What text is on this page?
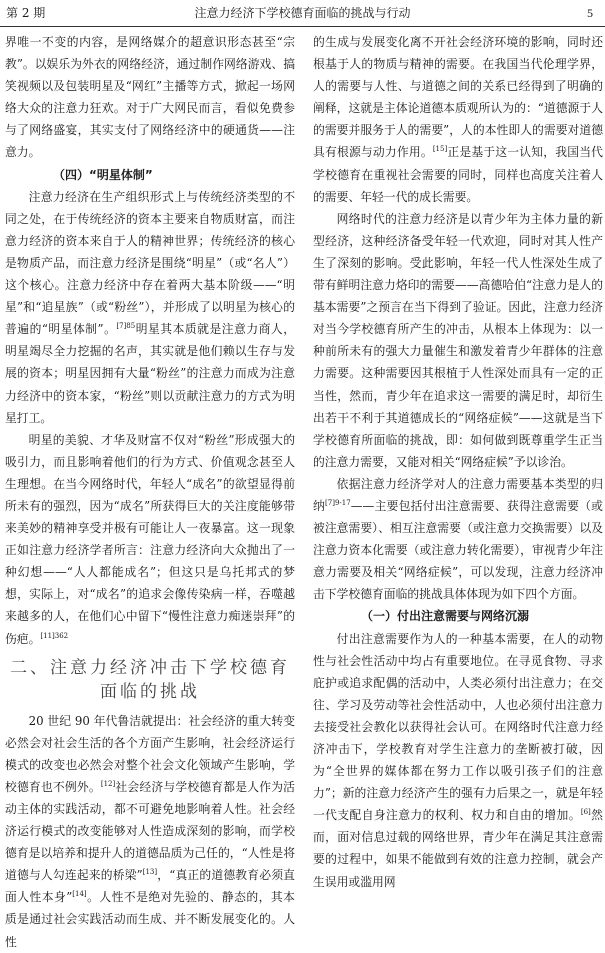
第 2 期	注意力经济下学校德育面临的挑战与行动	5

界唯一不变的内容，是网络媒介的超意识形态甚至“宗教”。以娱乐为外衣的网络经济，通过制作网络游戏、搞笑视频以及包装明星及“网红”主播等方式，掀起一场网络大众的注意力狂欢。对于广大网民而言，看似免费参与了网络盛宴，其实支付了网络经济中的硬通货——注意力。

（四）“明星体制”

注意力经济在生产组织形式上与传统经济类型的不同之处，在于传统经济的资本主要来自物质财富，而注意力经济的资本来自于人的精神世界；传统经济的核心是物质产品，而注意力经济是围绕“明星”（或“名人”）这个核心。注意力经济中存在着两大基本阶级——“明星”和“追星族”（或“粉丝”），并形成了以明星为核心的普遍的“明星体制”。$^{[7]85}$明星其本质就是注意力商人，明星竭尽全力挖掘的名声，其实就是他们赖以生存与发展的资本；明星因拥有大量“粉丝”的注意力而成为注意力经济中的资本家，“粉丝”则以贡献注意力的方式为明星打工。

明星的美貌、才华及财富不仅对“粉丝”形成强大的吸引力，而且影响着他们的行为方式、价值观念甚至人生理想。在当今网络时代，年轻人“成名”的欲望显得前所未有的强烈，因为“成名”所获得巨大的关注度能够带来美妙的精神享受并极有可能让人一夜暴富。这一现象正如注意力经济学者所言：注意力经济向大众抛出了一种幻想——“人人都能成名”；但这只是乌托邦式的梦想，实际上，对“成名”的追求会像传染病一样，吞噬越来越多的人，在他们心中留下“慢性注意力痴迷崇拜”的伤疤。$^{[11]362}$

二、注意力经济冲击下学校德育
面临的挑战

20 世纪 90 年代鲁洁就提出：社会经济的重大转变必然会对社会生活的各个方面产生影响，社会经济运行模式的改变也必然会对整个社会文化领域产生影响，学校德育也不例外。[12]社会经济与学校德育都是人作为活动主体的实践活动，都不可避免地影响着人性。社会经济运行模式的改变能够对人性造成深刻的影响，而学校德育是以培养和提升人的道德品质为己任的，“人性是将道德与人勾连起来的桥梁”[13]，“真正的道德教育必须直面人性本身”[14]。人性不是绝对先验的、静态的，其本质是通过社会实践活动而生成、并不断发展变化的。人性

的生成与发展变化离不开社会经济环境的影响，同时还根基于人的物质与精神的需要。在我国当代伦理学界，人的需要与人性、与道德之间的关系已经得到了明确的阐释，这就是主体论道德本质观所认为的：“道德源于人的需要并服务于人的需要”，人的本性即人的需要对道德具有根源与动力作用。[15]正是基于这一认知，我国当代学校德育在重视社会需要的同时，同样也高度关注着人的需要、年轻一代的成长需要。

网络时代的注意力经济是以青少年为主体力量的新型经济，这种经济备受年轻一代欢迎，同时对其人性产生了深刻的影响。受此影响，年轻一代人性深处生成了带有鲜明注意力烙印的需要——高德哈伯“注意力是人的基本需要”之预言在当下得到了验证。因此，注意力经济对当今学校德育所产生的冲击，从根本上体现为：以一种前所未有的强大力量催生和激发着青少年群体的注意力需要。这种需要因其根植于人性深处而具有一定的正当性，然而，青少年在追求这一需要的满足时，却衍生出若干不利于其道德成长的“网络症候”——这就是当下学校德育所面临的挑战，即：如何做到既尊重学生正当的注意力需要，又能对相关“网络症候”予以诊治。

依据注意力经济学对人的注意力需要基本类型的归纳$^{[7]9-17}$——主要包括付出注意需要、获得注意需要（或被注意需要）、相互注意需要（或注意力交换需要）以及注意力资本化需要（或注意力转化需要），审视青少年注意力需要及相关“网络症候”，可以发现，注意力经济冲击下学校德育面临的挑战具体体现为如下四个方面。

（一）付出注意需要与网络沉溺

付出注意需要作为人的一种基本需要，在人的动物性与社会性活动中均占有重要地位。在寻觅食物、寻求庇护或追求配偶的活动中，人类必须付出注意力；在交往、学习及劳动等社会性活动中，人也必须付出注意力去接受社会教化以获得社会认可。在网络时代注意力经济冲击下，学校教育对学生注意力的垄断被打破，因为“全世界的媒体都在努力工作以吸引孩子们的注意力”；新的注意力经济产生的强有力后果之一，就是年轻一代支配自身注意力的权利、权力和自由的增加。[6]然而，面对信息过载的网络世界，青少年在满足其注意需要的过程中，如果不能做到有效的注意力控制，就会产生误用或滥用网
